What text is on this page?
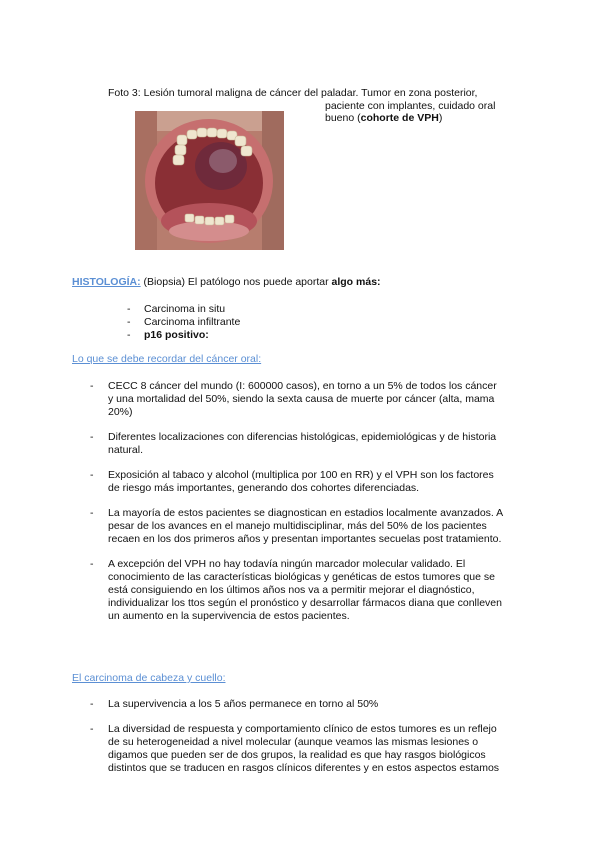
Foto 3: Lesión tumoral maligna de cáncer del paladar. Tumor en zona posterior,
paciente con implantes, cuidado oral
bueno (cohorte de VPH)
HISTOLOGÍA: (Biopsia) El patólogo nos puede aportar algo más:
- Carcinoma in situ
- Carcinoma infiltrante
- p16 positivo:
Lo que se debe recordar del cáncer oral:
- CECC 8 cáncer del mundo (I: 600000 casos), en torno a un 5% de todos los cáncer
y una mortalidad del 50%, siendo la sexta causa de muerte por cáncer (alta, mama
20%)
- Diferentes localizaciones con diferencias histológicas, epidemiológicas y de historia
natural.
- Exposición al tabaco y alcohol (multiplica por 100 en RR) y el VPH son los factores
de riesgo más importantes, generando dos cohortes diferenciadas.
- La mayoría de estos pacientes se diagnostican en estadios localmente avanzados. A
pesar de los avances en el manejo multidisciplinar, más del 50% de los pacientes
recaen en los dos primeros años y presentan importantes secuelas post tratamiento.
- A excepción del VPH no hay todavía ningún marcador molecular validado. El
conocimiento de las características biológicas y genéticas de estos tumores que se
está consiguiendo en los últimos años nos va a permitir mejorar el diagnóstico,
individualizar los ttos según el pronóstico y desarrollar fármacos diana que conlleven
un aumento en la supervivencia de estos pacientes.
El carcinoma de cabeza y cuello:
- La supervivencia a los 5 años permanece en torno al 50%
- La diversidad de respuesta y comportamiento clínico de estos tumores es un reflejo
de su heterogeneidad a nivel molecular (aunque veamos las mismas lesiones o
digamos que pueden ser de dos grupos, la realidad es que hay rasgos biológicos
distintos que se traducen en rasgos clínicos diferentes y en estos aspectos estamos
